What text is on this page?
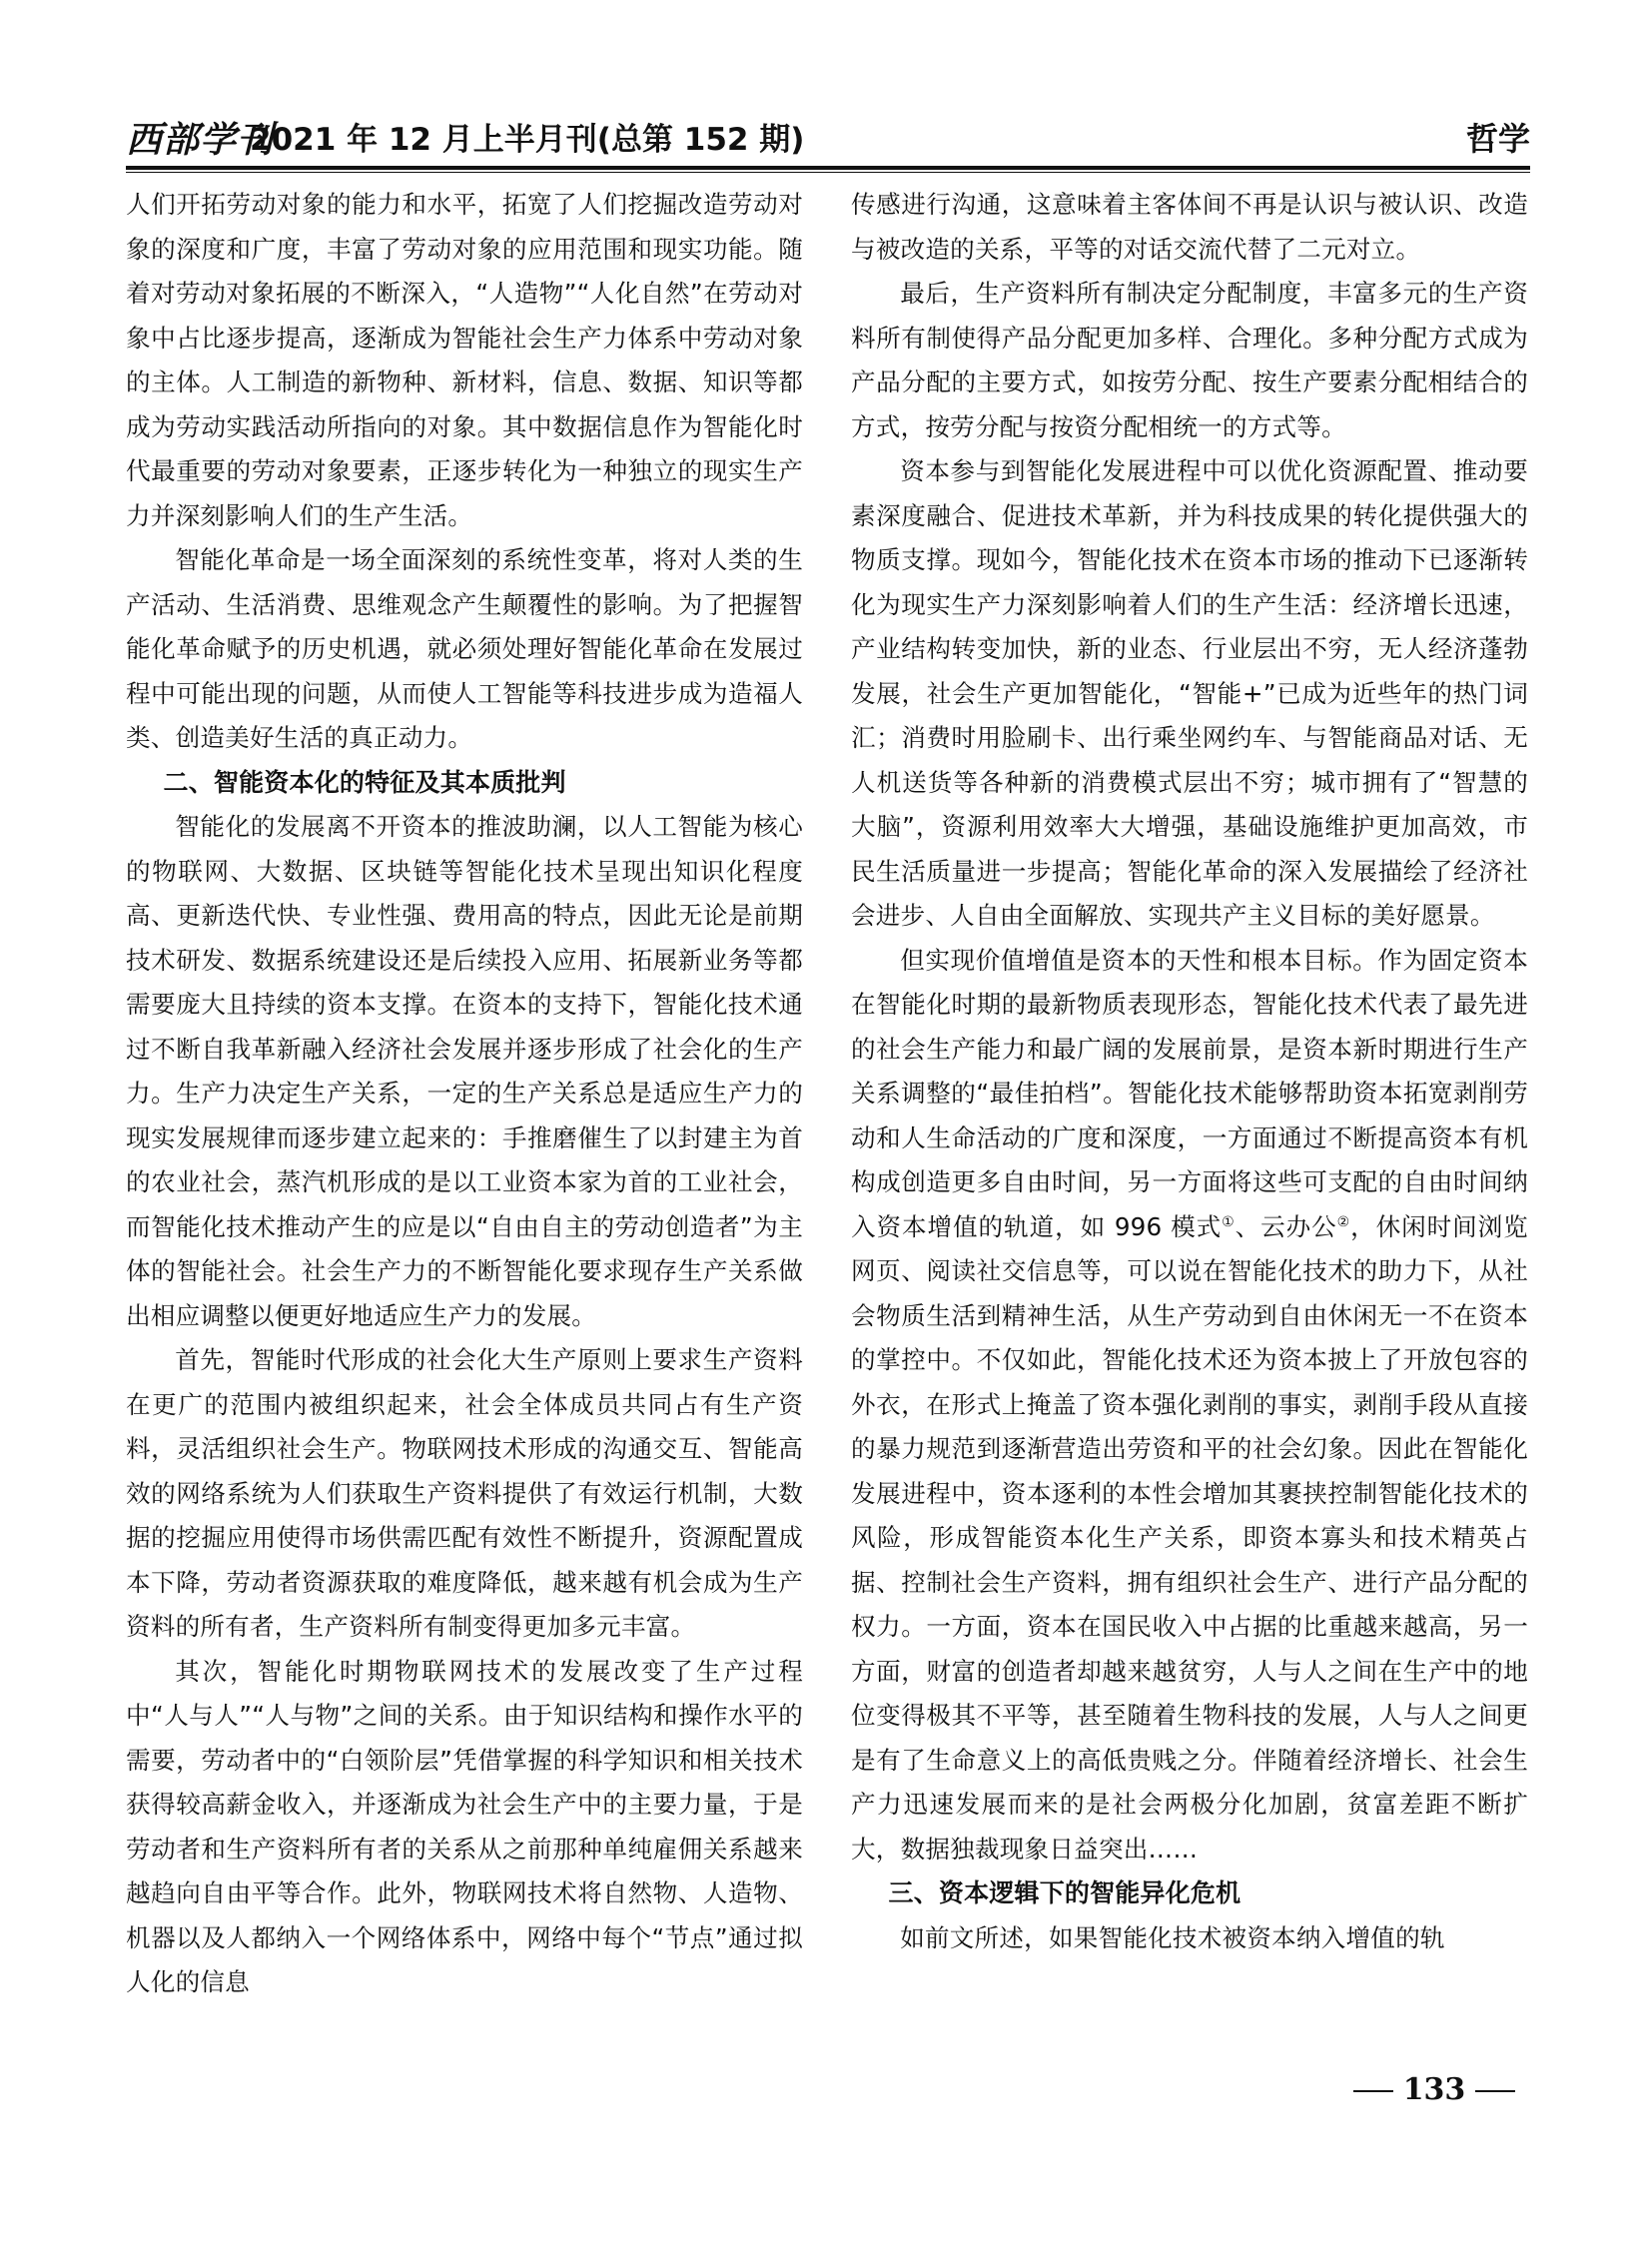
西部学刊
2021 年 12 月上半月刊(总第 152 期)	哲学

人们开拓劳动对象的能力和水平，拓宽了人们挖掘改造劳动对象的深度和广度，丰富了劳动对象的应用范围和现实功能。随着对劳动对象拓展的不断深入，“人造物”“人化自然”在劳动对象中占比逐步提高，逐渐成为智能社会生产力体系中劳动对象的主体。人工制造的新物种、新材料，信息、数据、知识等都成为劳动实践活动所指向的对象。其中数据信息作为智能化时代最重要的劳动对象要素，正逐步转化为一种独立的现实生产力并深刻影响人们的生产生活。

智能化革命是一场全面深刻的系统性变革，将对人类的生产活动、生活消费、思维观念产生颠覆性的影响。为了把握智能化革命赋予的历史机遇，就必须处理好智能化革命在发展过程中可能出现的问题，从而使人工智能等科技进步成为造福人类、创造美好生活的真正动力。

二、智能资本化的特征及其本质批判

智能化的发展离不开资本的推波助澜，以人工智能为核心的物联网、大数据、区块链等智能化技术呈现出知识化程度高、更新迭代快、专业性强、费用高的特点，因此无论是前期技术研发、数据系统建设还是后续投入应用、拓展新业务等都需要庞大且持续的资本支撑。在资本的支持下，智能化技术通过不断自我革新融入经济社会发展并逐步形成了社会化的生产力。生产力决定生产关系，一定的生产关系总是适应生产力的现实发展规律而逐步建立起来的：手推磨催生了以封建主为首的农业社会，蒸汽机形成的是以工业资本家为首的工业社会，而智能化技术推动产生的应是以“自由自主的劳动创造者”为主体的智能社会。社会生产力的不断智能化要求现存生产关系做出相应调整以便更好地适应生产力的发展。

首先，智能时代形成的社会化大生产原则上要求生产资料在更广的范围内被组织起来，社会全体成员共同占有生产资料，灵活组织社会生产。物联网技术形成的沟通交互、智能高效的网络系统为人们获取生产资料提供了有效运行机制，大数据的挖掘应用使得市场供需匹配有效性不断提升，资源配置成本下降，劳动者资源获取的难度降低，越来越有机会成为生产资料的所有者，生产资料所有制变得更加多元丰富。

其次，智能化时期物联网技术的发展改变了生产过程中“人与人”“人与物”之间的关系。由于知识结构和操作水平的需要，劳动者中的“白领阶层”凭借掌握的科学知识和相关技术获得较高薪金收入，并逐渐成为社会生产中的主要力量，于是劳动者和生产资料所有者的关系从之前那种单纯雇佣关系越来越趋向自由平等合作。此外，物联网技术将自然物、人造物、机器以及人都纳入一个网络体系中，网络中每个“节点”通过拟人化的信息

传感进行沟通，这意味着主客体间不再是认识与被认识、改造与被改造的关系，平等的对话交流代替了二元对立。

最后，生产资料所有制决定分配制度，丰富多元的生产资料所有制使得产品分配更加多样、合理化。多种分配方式成为产品分配的主要方式，如按劳分配、按生产要素分配相结合的方式，按劳分配与按资分配相统一的方式等。

资本参与到智能化发展进程中可以优化资源配置、推动要素深度融合、促进技术革新，并为科技成果的转化提供强大的物质支撑。现如今，智能化技术在资本市场的推动下已逐渐转化为现实生产力深刻影响着人们的生产生活：经济增长迅速，产业结构转变加快，新的业态、行业层出不穷，无人经济蓬勃发展，社会生产更加智能化，“智能+”已成为近些年的热门词汇；消费时用脸刷卡、出行乘坐网约车、与智能商品对话、无人机送货等各种新的消费模式层出不穷；城市拥有了“智慧的大脑”，资源利用效率大大增强，基础设施维护更加高效，市民生活质量进一步提高；智能化革命的深入发展描绘了经济社会进步、人自由全面解放、实现共产主义目标的美好愿景。

但实现价值增值是资本的天性和根本目标。作为固定资本在智能化时期的最新物质表现形态，智能化技术代表了最先进的社会生产能力和最广阔的发展前景，是资本新时期进行生产关系调整的“最佳拍档”。智能化技术能够帮助资本拓宽剥削劳动和人生命活动的广度和深度，一方面通过不断提高资本有机构成创造更多自由时间，另一方面将这些可支配的自由时间纳入资本增值的轨道，如 996 模式①、云办公②，休闲时间浏览网页、阅读社交信息等，可以说在智能化技术的助力下，从社会物质生活到精神生活，从生产劳动到自由休闲无一不在资本的掌控中。不仅如此，智能化技术还为资本披上了开放包容的外衣，在形式上掩盖了资本强化剥削的事实，剥削手段从直接的暴力规范到逐渐营造出劳资和平的社会幻象。因此在智能化发展进程中，资本逐利的本性会增加其裹挟控制智能化技术的风险，形成智能资本化生产关系，即资本寡头和技术精英占据、控制社会生产资料，拥有组织社会生产、进行产品分配的权力。一方面，资本在国民收入中占据的比重越来越高，另一方面，财富的创造者却越来越贫穷，人与人之间在生产中的地位变得极其不平等，甚至随着生物科技的发展，人与人之间更是有了生命意义上的高低贵贱之分。伴随着经济增长、社会生产力迅速发展而来的是社会两极分化加剧，贫富差距不断扩大，数据独裁现象日益突出……

三、资本逻辑下的智能异化危机

如前文所述，如果智能化技术被资本纳入增值的轨

133
